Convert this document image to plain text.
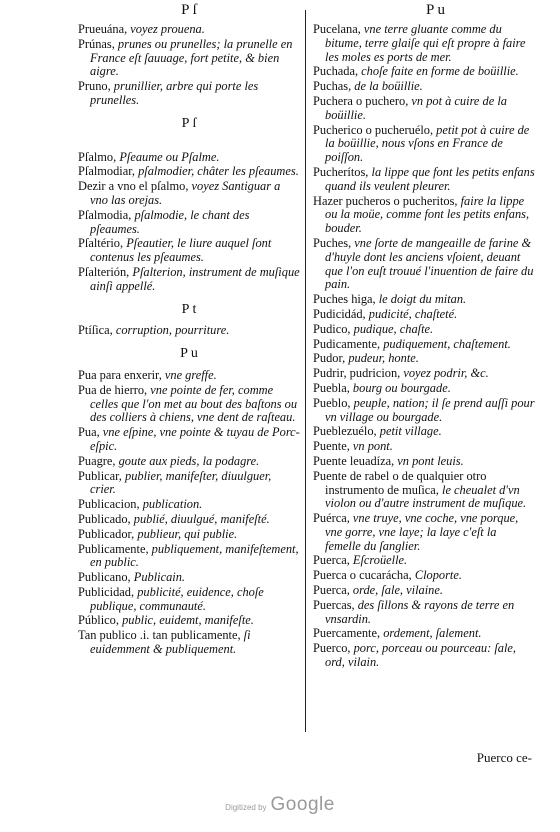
P ſ
Prueuána, voyez prouena.
Prúnas, prunes ou prunelles; la prunelle en France eſt ſauuage, fort petite, & bien aigre.
Pruno, prunillier, arbre qui porte les prunelles.
P ſ
Pſalmo, Pſeaume ou Pſalme.
Pſalmodiar, pſalmodier, châter les pſeaumes.
Dezir a vno el pſalmo, voyez Santiguar a vno las orejas.
Pſalmodia, pſalmodie, le chant des pſeaumes.
Pſaltério, Pſeautier, le liure auquel ſont contenus les pſeaumes.
Pſalterión, Pſalterion, instrument de muſique ainſi appellé.
P t
Ptíſica, corruption, pourriture.
P u
Pua para enxerir, vne greffe.
Pua de hierro, vne pointe de fer, comme celles que l'on met au bout des baſtons ou des colliers à chiens, vne dent de raſteau.
Pua, vne eſpine, vne pointe & tuyau de Porc-eſpic.
Puagre, goute aux pieds, la podagre.
Publicar, publier, manifeſter, diuulguer, crier.
Publicacion, publication.
Publicado, publié, diuulgué, manifeſté.
Publicador, publieur, qui publie.
Publicamente, publiquement, manifeſtement, en public.
Publicano, Publicain.
Publicidad, publicité, euidence, choſe publique, communauté.
Público, public, euidemt, manifeſte.
Tan publico .i. tan publicamente, ſi euidemment & publiquement.
P u
Pucelana, vne terre gluante comme du bitume, terre glaiſe qui eſt propre à faire les moles es ports de mer.
Puchada, choſe faite en forme de boüillie.
Puchas, de la boüillie.
Puchera o puchero, vn pot à cuire de la boüillie.
Pucherico o pucheruélo, petit pot à cuire de la boüillie, nous vſons en France de poiſſon.
Pucherítos, la lippe que font les petits enfans quand ils veulent pleurer.
Hazer pucheros o pucheritos, faire la lippe ou la moüe, comme font les petits enfans, bouder.
Puches, vne ſorte de mangeaille de farine & d'huyle dont les anciens vſoient, deuant que l'on euſt trouué l'inuention de faire du pain.
Puches higa, le doigt du mitan.
Pudicidád, pudicité, chaſteté.
Pudico, pudique, chaſte.
Pudicamente, pudiquement, chaſtement.
Pudor, pudeur, honte.
Pudrir, pudricion, voyez podrir, &c.
Puebla, bourg ou bourgade.
Pueblo, peuple, nation; il ſe prend auſſi pour vn village ou bourgade.
Pueblezuélo, petit village.
Puente, vn pont.
Puente leuadíza, vn pont leuis.
Puente de rabel o de qualquier otro instrumento de muſica, le cheualet d'vn violon ou d'autre instrument de muſique.
Puérca, vne truye, vne coche, vne porque, vne gorre, vne laye; la laye c'eſt la femelle du ſanglier.
Puerca, Eſcroüelle.
Puerca o cucarácha, Cloporte.
Puerca, orde, ſale, vilaine.
Puercas, des ſillons & rayons de terre en vnsardin.
Puercamente, ordement, ſalement.
Puerco, porc, porceau ou pourceau: ſale, ord, vilain.
Puerco ce-
Digitized by Google
